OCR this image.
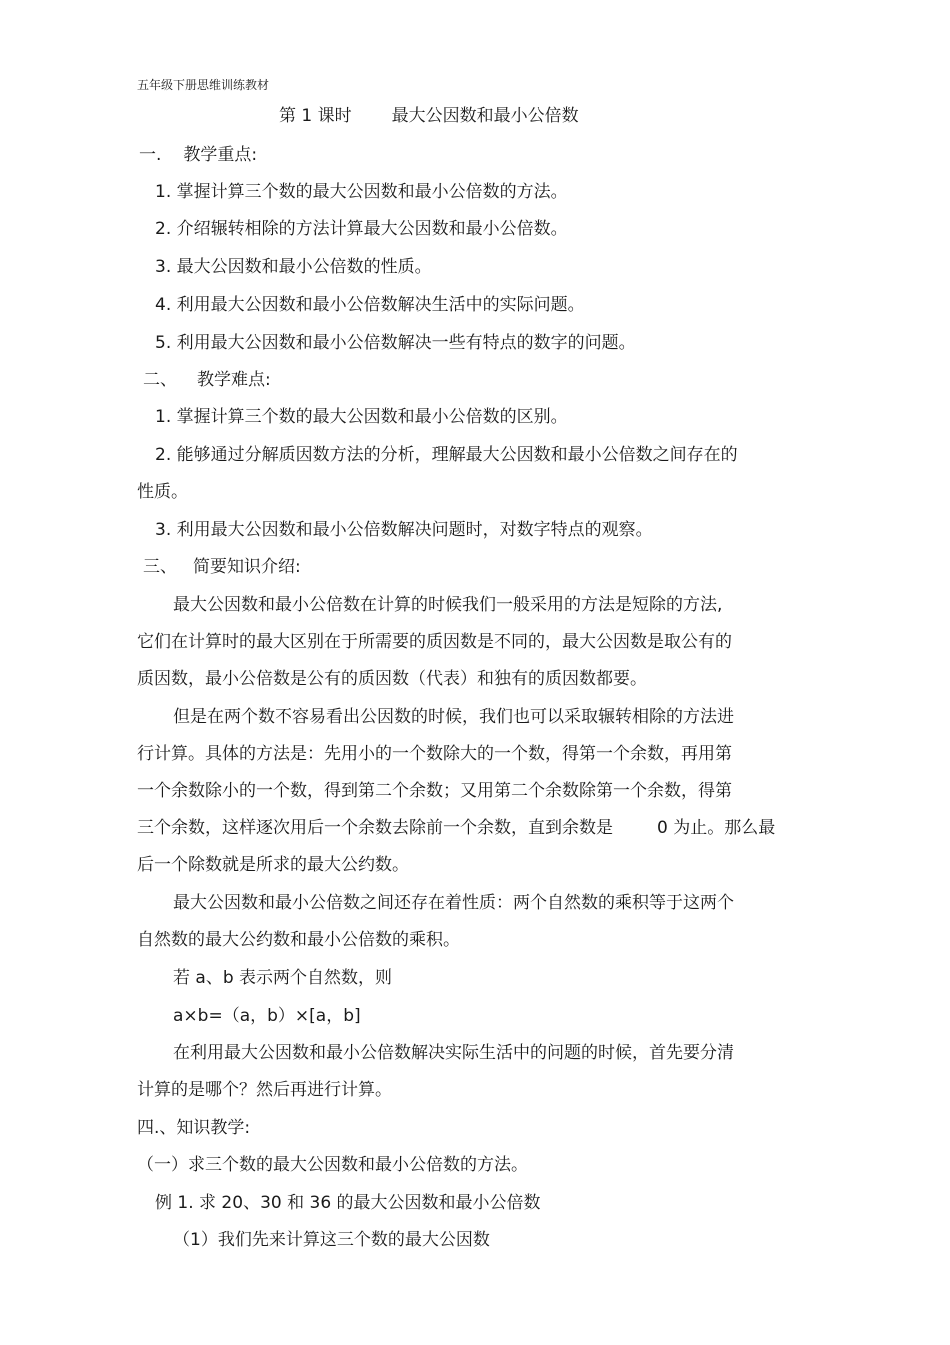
五年级下册思维训练教材
第 1 课时 最大公因数和最小公倍数
一. 教学重点:
1. 掌握计算三个数的最大公因数和最小公倍数的方法。
2. 介绍辗转相除的方法计算最大公因数和最小公倍数。
3. 最大公因数和最小公倍数的性质。
4. 利用最大公因数和最小公倍数解决生活中的实际问题。
5. 利用最大公因数和最小公倍数解决一些有特点的数字的问题。
二、 教学难点:
1. 掌握计算三个数的最大公因数和最小公倍数的区别。
2. 能够通过分解质因数方法的分析，理解最大公因数和最小公倍数之间存在的
性质。
3. 利用最大公因数和最小公倍数解决问题时，对数字特点的观察。
三、 简要知识介绍:
最大公因数和最小公倍数在计算的时候我们一般采用的方法是短除的方法,
它们在计算时的最大区别在于所需要的质因数是不同的，最大公因数是取公有的
质因数，最小公倍数是公有的质因数（代表）和独有的质因数都要。
但是在两个数不容易看出公因数的时候，我们也可以采取辗转相除的方法进
行计算。具体的方法是：先用小的一个数除大的一个数，得第一个余数，再用第
一个余数除小的一个数，得到第二个余数；又用第二个余数除第一个余数，得第
三个余数，这样逐次用后一个余数去除前一个余数，直到余数是	0 为止。那么最
后一个除数就是所求的最大公约数。
最大公因数和最小公倍数之间还存在着性质：两个自然数的乘积等于这两个
自然数的最大公约数和最小公倍数的乘积。
若 a、b 表示两个自然数，则
a×b=（a，b）×[a，b]
在利用最大公因数和最小公倍数解决实际生活中的问题的时候，首先要分清
计算的是哪个？然后再进行计算。
四.、知识教学:
（一）求三个数的最大公因数和最小公倍数的方法。
例 1. 求 20、30 和 36 的最大公因数和最小公倍数
（1）我们先来计算这三个数的最大公因数
